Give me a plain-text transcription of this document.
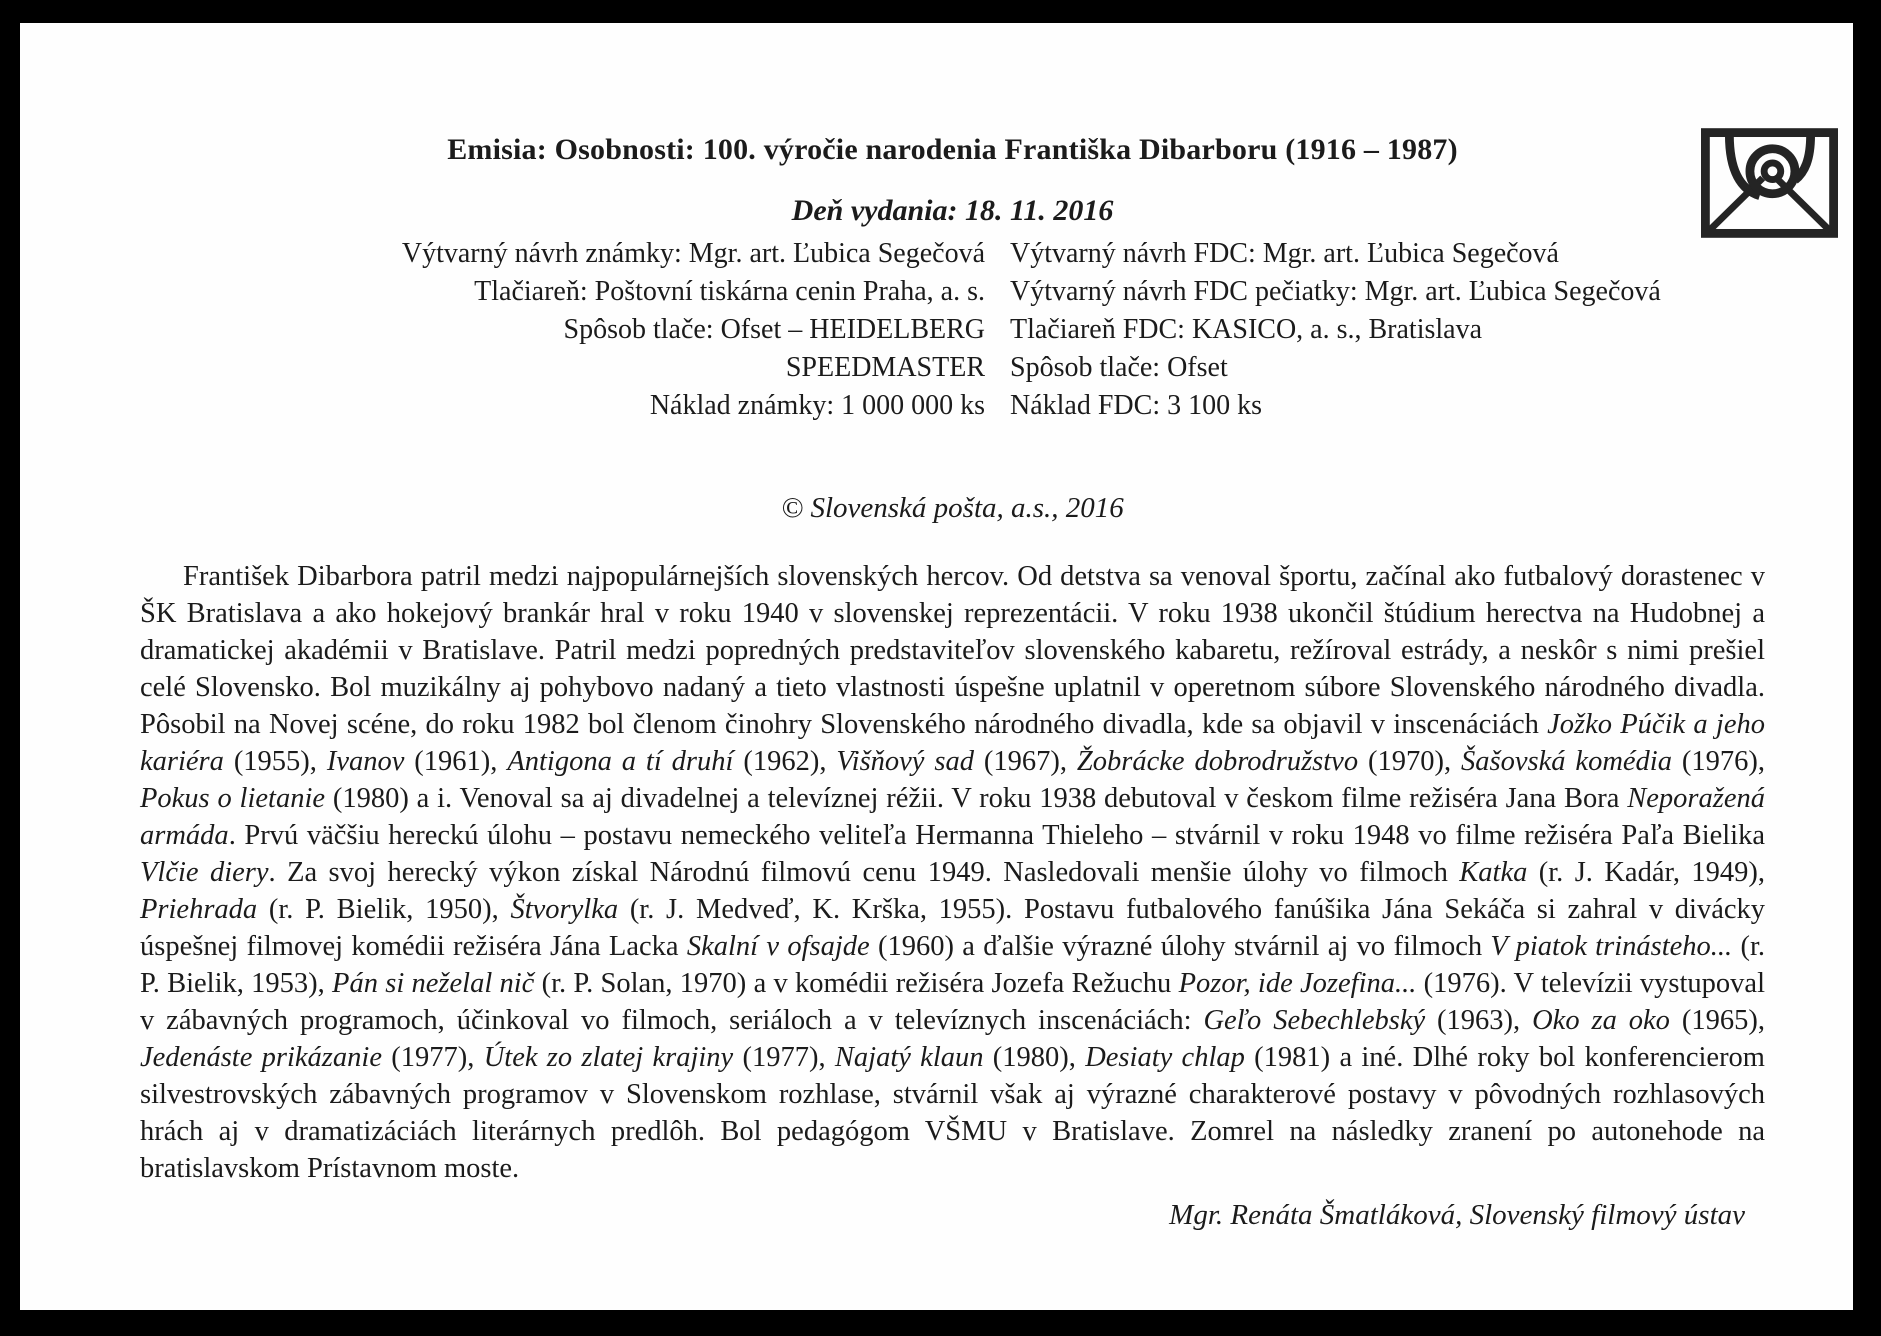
Emisia: Osobnosti: 100. výročie narodenia Františka Dibarboru (1916 – 1987)
Deň vydania: 18. 11. 2016
Výtvarný návrh známky: Mgr. art. Ľubica Segečová
Tlačiareň: Poštovní tiskárna cenin Praha, a. s.
Spôsob tlače: Ofset – HEIDELBERG
SPEEDMASTER
Náklad známky: 1 000 000 ks
Výtvarný návrh FDC: Mgr. art. Ľubica Segečová
Výtvarný návrh FDC pečiatky: Mgr. art. Ľubica Segečová
Tlačiareň FDC: KASICO, a. s., Bratislava
Spôsob tlače: Ofset
Náklad FDC: 3 100 ks
© Slovenská pošta, a.s., 2016
František Dibarbora patril medzi najpopulárnejších slovenských hercov. Od detstva sa venoval športu, začínal ako futbalový dorastenec v ŠK Bratislava a ako hokejový brankár hral v roku 1940 v slovenskej reprezentácii. V roku 1938 ukončil štúdium herectva na Hudobnej a dramatickej akadémii v Bratislave. Patril medzi popredných predstaviteľov slovenského kabaretu, režíroval estrády, a neskôr s nimi prešiel celé Slovensko. Bol muzikálny aj pohybovo nadaný a tieto vlastnosti úspešne uplatnil v operetnom súbore Slovenského národného divadla. Pôsobil na Novej scéne, do roku 1982 bol členom činohry Slovenského národného divadla, kde sa objavil v inscenáciách Jožko Púčik a jeho kariéra (1955), Ivanov (1961), Antigona a tí druhí (1962), Višňový sad (1967), Žobrácke dobrodružstvo (1970), Šašovská komédia (1976), Pokus o lietanie (1980) a i. Venoval sa aj divadelnej a televíznej réžii. V roku 1938 debutoval v českom filme režiséra Jana Bora Neporažená armáda. Prvú väčšiu hereckú úlohu – postavu nemeckého veliteľa Hermanna Thieleho – stvárnil v roku 1948 vo filme režiséra Paľa Bielika Vlčie diery. Za svoj herecký výkon získal Národnú filmovú cenu 1949. Nasledovali menšie úlohy vo filmoch Katka (r. J. Kadár, 1949), Priehrada (r. P. Bielik, 1950), Štvorylka (r. J. Medveď, K. Krška, 1955). Postavu futbalového fanúšika Jána Sekáča si zahral v divácky úspešnej filmovej komédii režiséra Jána Lacka Skalní v ofsajde (1960) a ďalšie výrazné úlohy stvárnil aj vo filmoch V piatok trinásteho... (r. P. Bielik, 1953), Pán si neželal nič (r. P. Solan, 1970) a v komédii režiséra Jozefa Režuchu Pozor, ide Jozefina... (1976). V televízii vystupoval v zábavných programoch, účinkoval vo filmoch, seriáloch a v televíznych inscenáciách: Geľo Sebechlebský (1963), Oko za oko (1965), Jedenáste prikázanie (1977), Útek zo zlatej krajiny (1977), Najatý klaun (1980), Desiaty chlap (1981) a iné. Dlhé roky bol konferencierom silvestrovských zábavných programov v Slovenskom rozhlase, stvárnil však aj výrazné charakterové postavy v pôvodných rozhlasových hrách aj v dramatizáciách literárnych predlôh. Bol pedagógom VŠMU v Bratislave. Zomrel na následky zranení po autonehode na bratislavskom Prístavnom moste.
Mgr. Renáta Šmatláková, Slovenský filmový ústav
